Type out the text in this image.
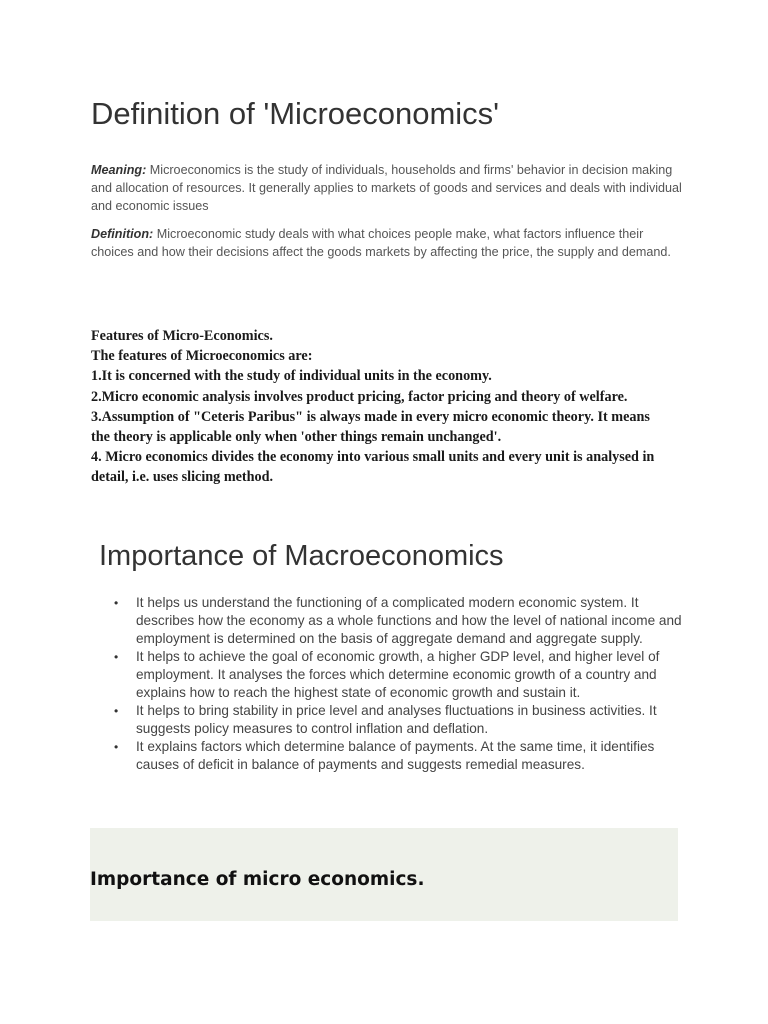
Definition of 'Microeconomics'

Meaning: Microeconomics is the study of individuals, households and firms' behavior in decision making and allocation of resources. It generally applies to markets of goods and services and deals with individual and economic issues

Definition: Microeconomic study deals with what choices people make, what factors influence their choices and how their decisions affect the goods markets by affecting the price, the supply and demand.

Features of Micro-Economics.
The features of Microeconomics are:
1.It is concerned with the study of individual units in the economy.
2.Micro economic analysis involves product pricing, factor pricing and theory of welfare.
3.Assumption of "Ceteris Paribus" is always made in every micro economic theory. It means the theory is applicable only when 'other things remain unchanged'.
4. Micro economics divides the economy into various small units and every unit is analysed in detail, i.e. uses slicing method.
Importance of Macroeconomics
•	It helps us understand the functioning of a complicated modern economic system. It describes how the economy as a whole functions and how the level of national income and employment is determined on the basis of aggregate demand and aggregate supply.
•	It helps to achieve the goal of economic growth, a higher GDP level, and higher level of employment. It analyses the forces which determine economic growth of a country and explains how to reach the highest state of economic growth and sustain it.
•	It helps to bring stability in price level and analyses fluctuations in business activities. It suggests policy measures to control inflation and deflation.
•	It explains factors which determine balance of payments. At the same time, it identifies causes of deficit in balance of payments and suggests remedial measures.
Importance of micro economics.
